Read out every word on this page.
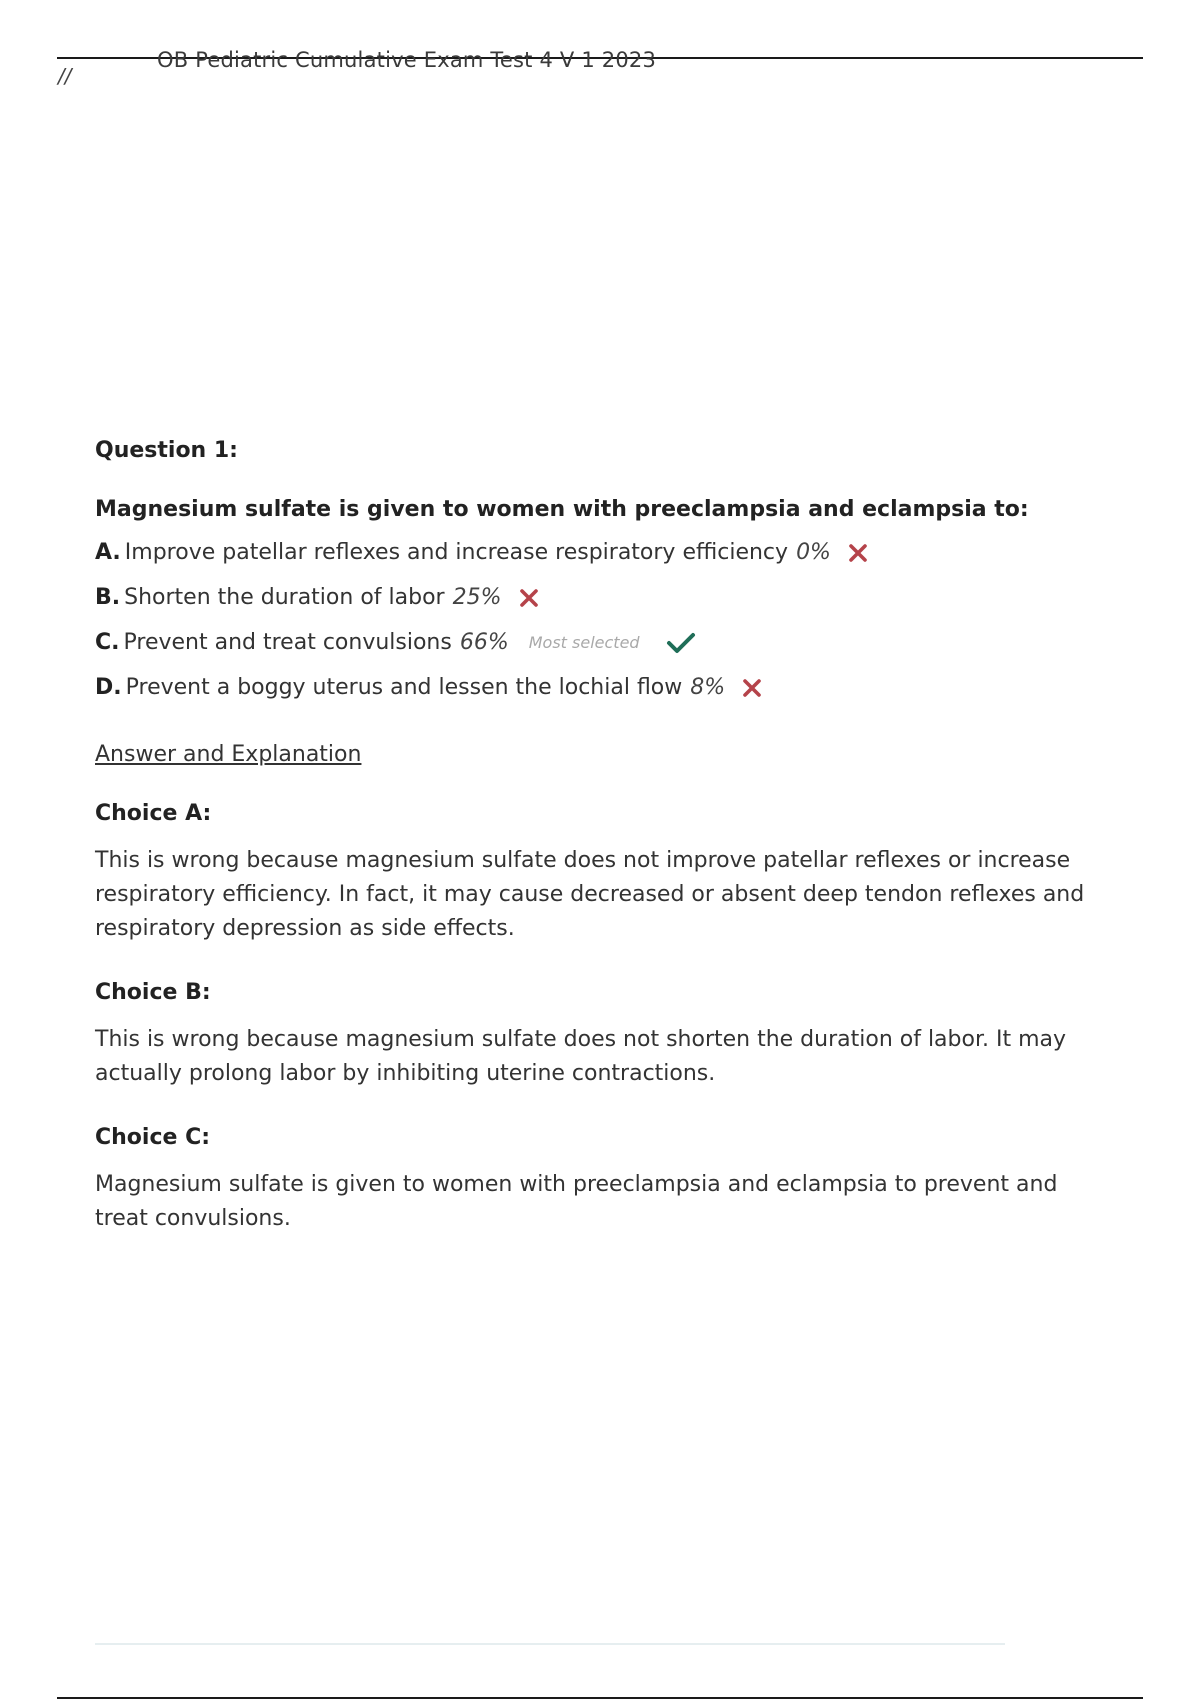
//
OB Pediatric Cumulative Exam Test 4 V 1 2023
Question 1:
Magnesium sulfate is given to women with preeclampsia and eclampsia to:
A. Improve patellar reflexes and increase respiratory efficiency 0%
B. Shorten the duration of labor 25%
C. Prevent and treat convulsions 66% Most selected
D. Prevent a boggy uterus and lessen the lochial flow 8%
Answer and Explanation
Choice A:
This is wrong because magnesium sulfate does not improve patellar reflexes or increase respiratory efficiency. In fact, it may cause decreased or absent deep tendon reflexes and respiratory depression as side effects.
Choice B:
This is wrong because magnesium sulfate does not shorten the duration of labor. It may actually prolong labor by inhibiting uterine contractions.
Choice C:
Magnesium sulfate is given to women with preeclampsia and eclampsia to prevent and treat convulsions.
